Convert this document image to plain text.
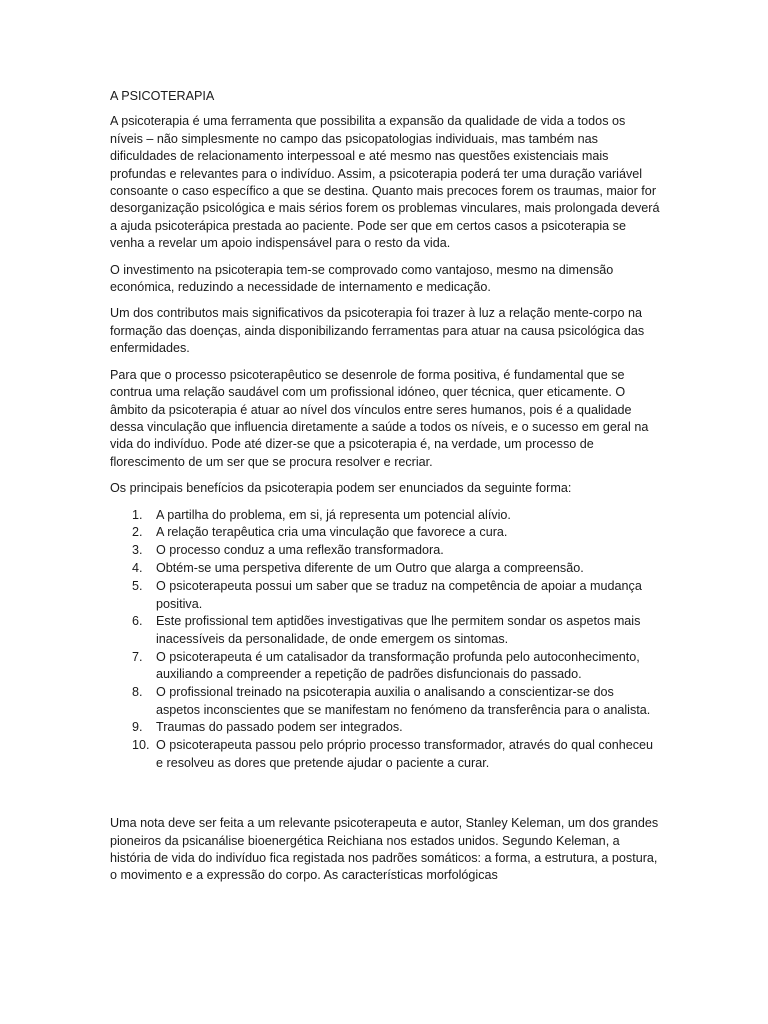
A PSICOTERAPIA

A psicoterapia é uma ferramenta que possibilita a expansão da qualidade de vida a todos os níveis – não simplesmente no campo das psicopatologias individuais, mas também nas dificuldades de relacionamento interpessoal e até mesmo nas questões existenciais mais profundas e relevantes para o indivíduo. Assim, a psicoterapia poderá ter uma duração variável consoante o caso específico a que se destina. Quanto mais precoces forem os traumas, maior for desorganização psicológica e mais sérios forem os problemas vinculares, mais prolongada deverá a ajuda psicoterápica prestada ao paciente. Pode ser que em certos casos a psicoterapia se venha a revelar um apoio indispensável para o resto da vida.

O investimento na psicoterapia tem-se comprovado como vantajoso, mesmo na dimensão económica, reduzindo a necessidade de internamento e medicação.

Um dos contributos mais significativos da psicoterapia foi trazer à luz a relação mente-corpo na formação das doenças, ainda disponibilizando ferramentas para atuar na causa psicológica das enfermidades.

Para que o processo psicoterapêutico se desenrole de forma positiva, é fundamental que se contrua uma relação saudável com um profissional idóneo, quer técnica, quer eticamente. O âmbito da psicoterapia é atuar ao nível dos vínculos entre seres humanos, pois é a qualidade dessa vinculação que influencia diretamente a saúde a todos os níveis, e o sucesso em geral na vida do indivíduo. Pode até dizer-se que a psicoterapia é, na verdade, um processo de florescimento de um ser que se procura resolver e recriar.

Os principais benefícios da psicoterapia podem ser enunciados da seguinte forma:

1.	A partilha do problema, em si, já representa um potencial alívio.
2.	A relação terapêutica cria uma vinculação que favorece a cura.
3.	O processo conduz a uma reflexão transformadora.
4.	Obtém-se uma perspetiva diferente de um Outro que alarga a compreensão.
5.	O psicoterapeuta possui um saber que se traduz na competência de apoiar a mudança positiva.
6.	Este profissional tem aptidões investigativas que lhe permitem sondar os aspetos mais inacessíveis da personalidade, de onde emergem os sintomas.
7.	O psicoterapeuta é um catalisador da transformação profunda pelo autoconhecimento, auxiliando a compreender a repetição de padrões disfuncionais do passado.
8.	O profissional treinado na psicoterapia auxilia o analisando a conscientizar-se dos aspetos inconscientes que se manifestam no fenómeno da transferência para o analista.
9.	Traumas do passado podem ser integrados.
10. O psicoterapeuta passou pelo próprio processo transformador, através do qual conheceu e resolveu as dores que pretende ajudar o paciente a curar.

Uma nota deve ser feita a um relevante psicoterapeuta e autor, Stanley Keleman, um dos grandes pioneiros da psicanálise bioenergética Reichiana nos estados unidos. Segundo Keleman, a história de vida do indivíduo fica registada nos padrões somáticos: a forma, a estrutura, a postura, o movimento e a expressão do corpo. As características morfológicas
